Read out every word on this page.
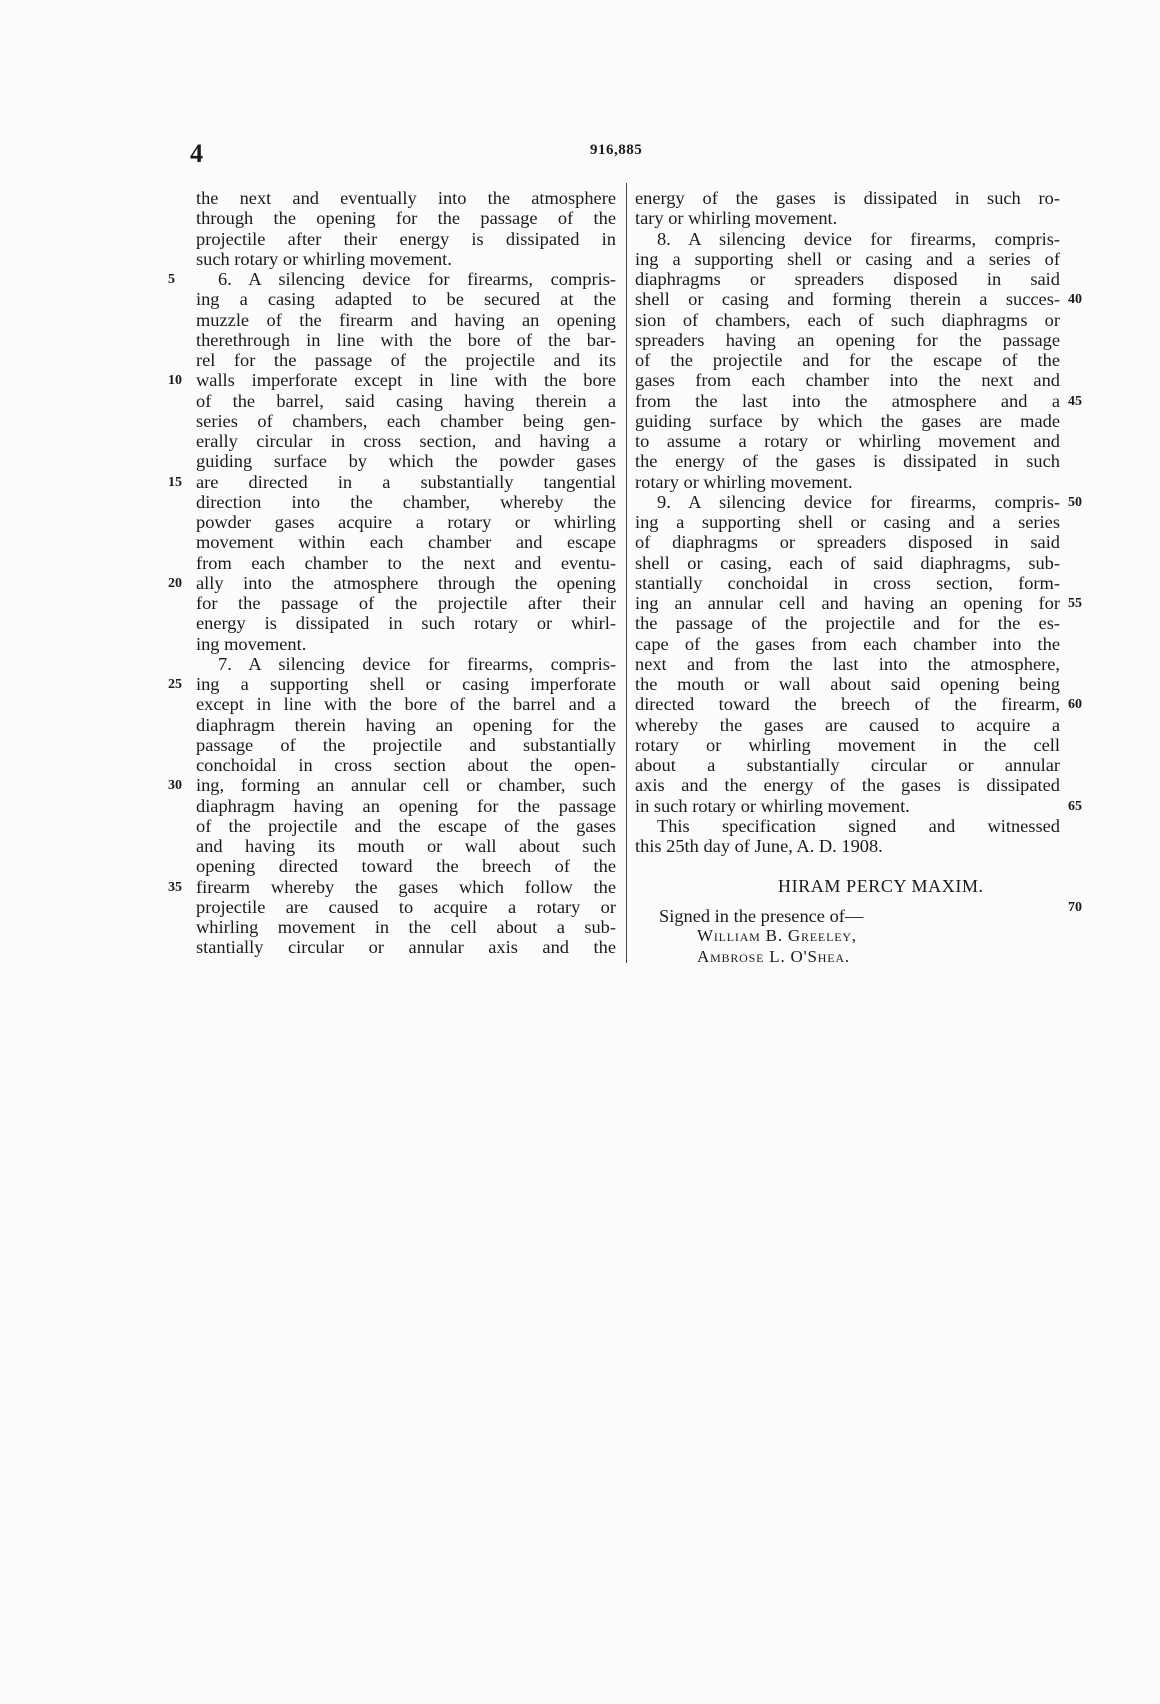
4	916,885
the next and eventually into the atmosphere
through the opening for the passage of the
projectile after their energy is dissipated in
such rotary or whirling movement.
6. A silencing device for firearms, compris-
ing a casing adapted to be secured at the
muzzle of the firearm and having an opening
therethrough in line with the bore of the bar-
rel for the passage of the projectile and its
walls imperforate except in line with the bore
of the barrel, said casing having therein a
series of chambers, each chamber being gen-
erally circular in cross section, and having a
guiding surface by which the powder gases
are directed in a substantially tangential
direction into the chamber, whereby the
powder gases acquire a rotary or whirling
movement within each chamber and escape
from each chamber to the next and eventu-
ally into the atmosphere through the opening
for the passage of the projectile after their
energy is dissipated in such rotary or whirl-
ing movement.
7. A silencing device for firearms, compris-
ing a supporting shell or casing imperforate
except in line with the bore of the barrel and a
diaphragm therein having an opening for the
passage of the projectile and substantially
conchoidal in cross section about the open-
ing, forming an annular cell or chamber, such
diaphragm having an opening for the passage
of the projectile and the escape of the gases
and having its mouth or wall about such
opening directed toward the breech of the
firearm whereby the gases which follow the
projectile are caused to acquire a rotary or
whirling movement in the cell about a sub-
stantially circular or annular axis and the
energy of the gases is dissipated in such ro-
tary or whirling movement.
8. A silencing device for firearms, compris-
ing a supporting shell or casing and a series of
diaphragms or spreaders disposed in said
shell or casing and forming therein a succes-
sion of chambers, each of such diaphragms or
spreaders having an opening for the passage
of the projectile and for the escape of the
gases from each chamber into the next and
from the last into the atmosphere and a
guiding surface by which the gases are made
to assume a rotary or whirling movement and
the energy of the gases is dissipated in such
rotary or whirling movement.
9. A silencing device for firearms, compris-
ing a supporting shell or casing and a series
of diaphragms or spreaders disposed in said
shell or casing, each of said diaphragms, sub-
stantially conchoidal in cross section, form-
ing an annular cell and having an opening for
the passage of the projectile and for the es-
cape of the gases from each chamber into the
next and from the last into the atmosphere,
the mouth or wall about said opening being
directed toward the breech of the firearm,
whereby the gases are caused to acquire a
rotary or whirling movement in the cell
about a substantially circular or annular
axis and the energy of the gases is dissipated
in such rotary or whirling movement.
This specification signed and witnessed
this 25th day of June, A. D. 1908.
5
10
15
20
25
30
35
40
45
50
55
60
65
70
HIRAM PERCY MAXIM.
Signed in the presence of—
William B. Greeley,
Ambrose L. O'Shea.
